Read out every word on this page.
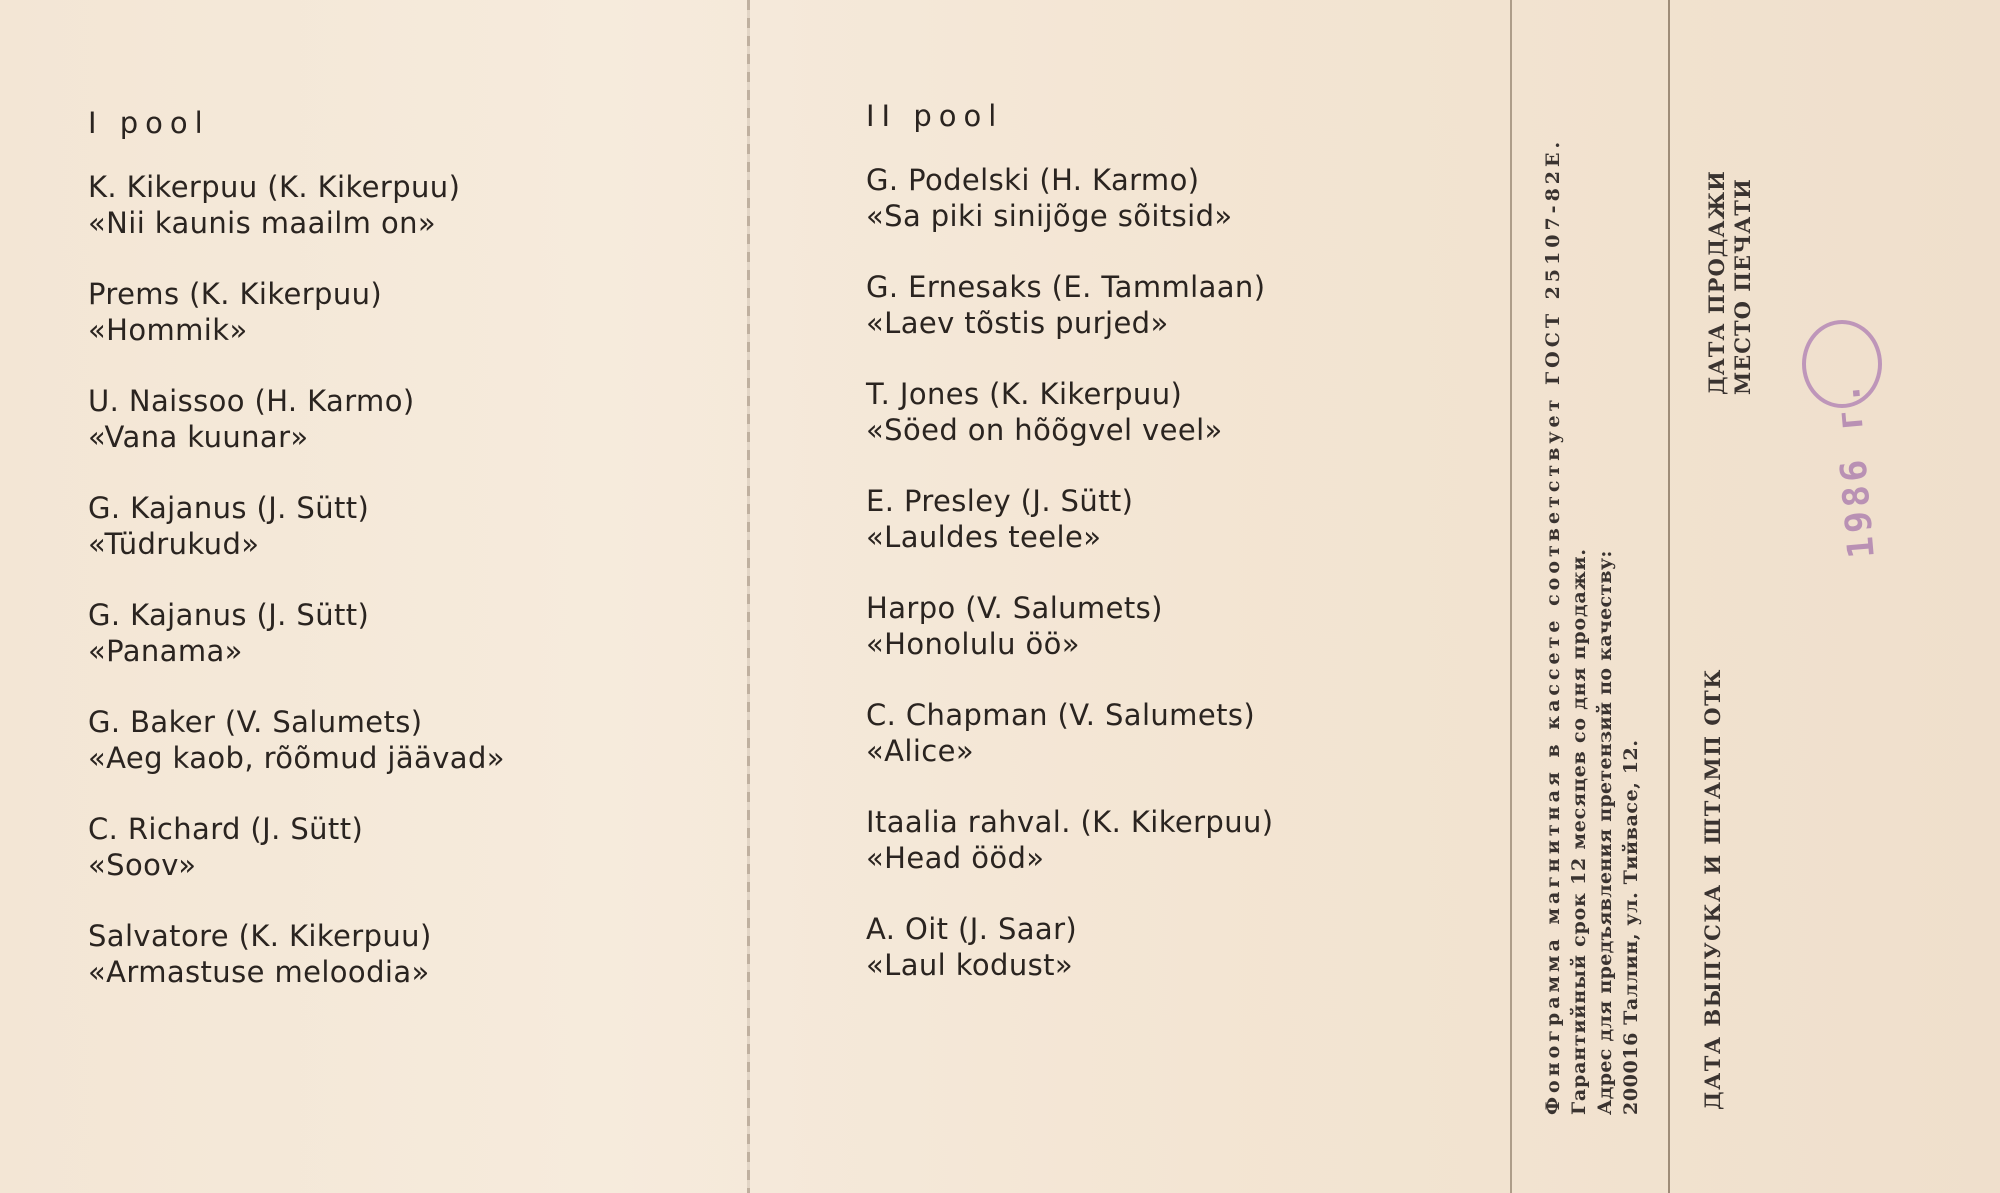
I pool
K. Kikerpuu (K. Kikerpuu)
«Nii kaunis maailm on»
Prems (K. Kikerpuu)
«Hommik»
U. Naissoo (H. Karmo)
«Vana kuunar»
G. Kajanus (J. Sütt)
«Tüdrukud»
G. Kajanus (J. Sütt)
«Panama»
G. Baker (V. Salumets)
«Aeg kaob, rõõmud jäävad»
C. Richard (J. Sütt)
«Soov»
Salvatore (K. Kikerpuu)
«Armastuse meloodia»
II pool
G. Podelski (H. Karmo)
«Sa piki sinijõge sõitsid»
G. Ernesaks (E. Tammlaan)
«Laev tõstis purjed»
T. Jones (K. Kikerpuu)
«Söed on hõõgvel veel»
E. Presley (J. Sütt)
«Lauldes teele»
Harpo (V. Salumets)
«Honolulu öö»
C. Chapman (V. Salumets)
«Alice»
Itaalia rahval. (K. Kikerpuu)
«Head ööd»
A. Oit (J. Saar)
«Laul kodust»	Фонограмма магнитная в кассете соответствует ГОСТ 25107-82Е. Гарантийный срок 12 месяцев со дня продажи. Адрес для предъявления претензий по качеству: 200016 Таллин, ул. Тийвасе, 12.	ДАТА ВЫПУСКА И ШТАМП ОТК
ДАТА ПРОДАЖИ МЕСТО ПЕЧАТИ
1986 г.
